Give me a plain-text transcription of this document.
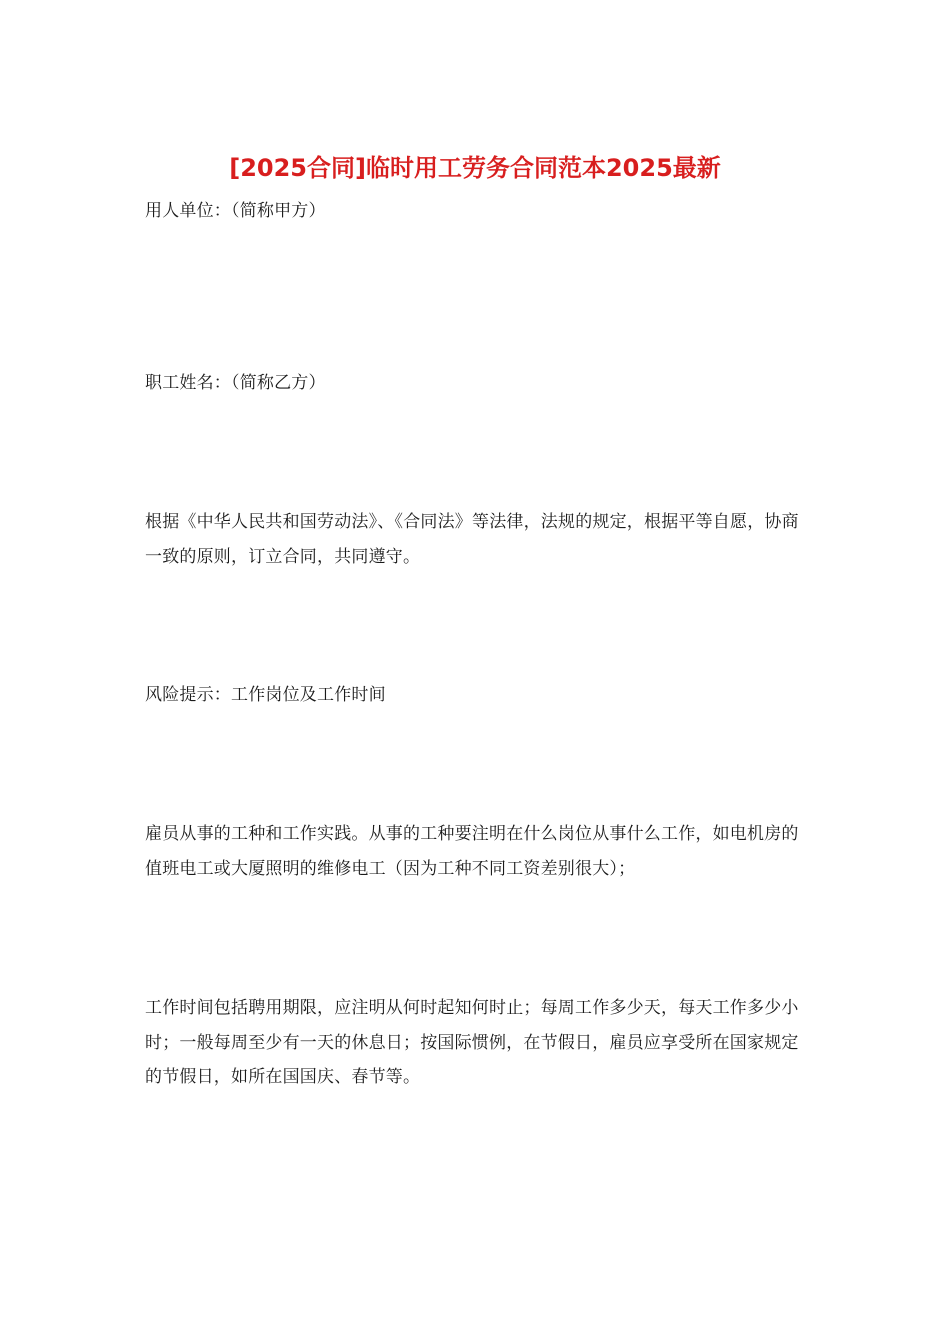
[2025合同]临时用工劳务合同范本2025最新

用人单位：（简称甲方）

职工姓名：（简称乙方）

根据《中华人民共和国劳动法》、《合同法》等法律，法规的规定，根据平等自愿，协商一致的原则，订立合同，共同遵守。

风险提示：工作岗位及工作时间

雇员从事的工种和工作实践。从事的工种要注明在什么岗位从事什么工作，如电机房的值班电工或大厦照明的维修电工（因为工种不同工资差别很大）；

工作时间包括聘用期限，应注明从何时起知何时止；每周工作多少天，每天工作多少小时；一般每周至少有一天的休息日；按国际惯例，在节假日，雇员应享受所在国家规定的节假日，如所在国国庆、春节等。
